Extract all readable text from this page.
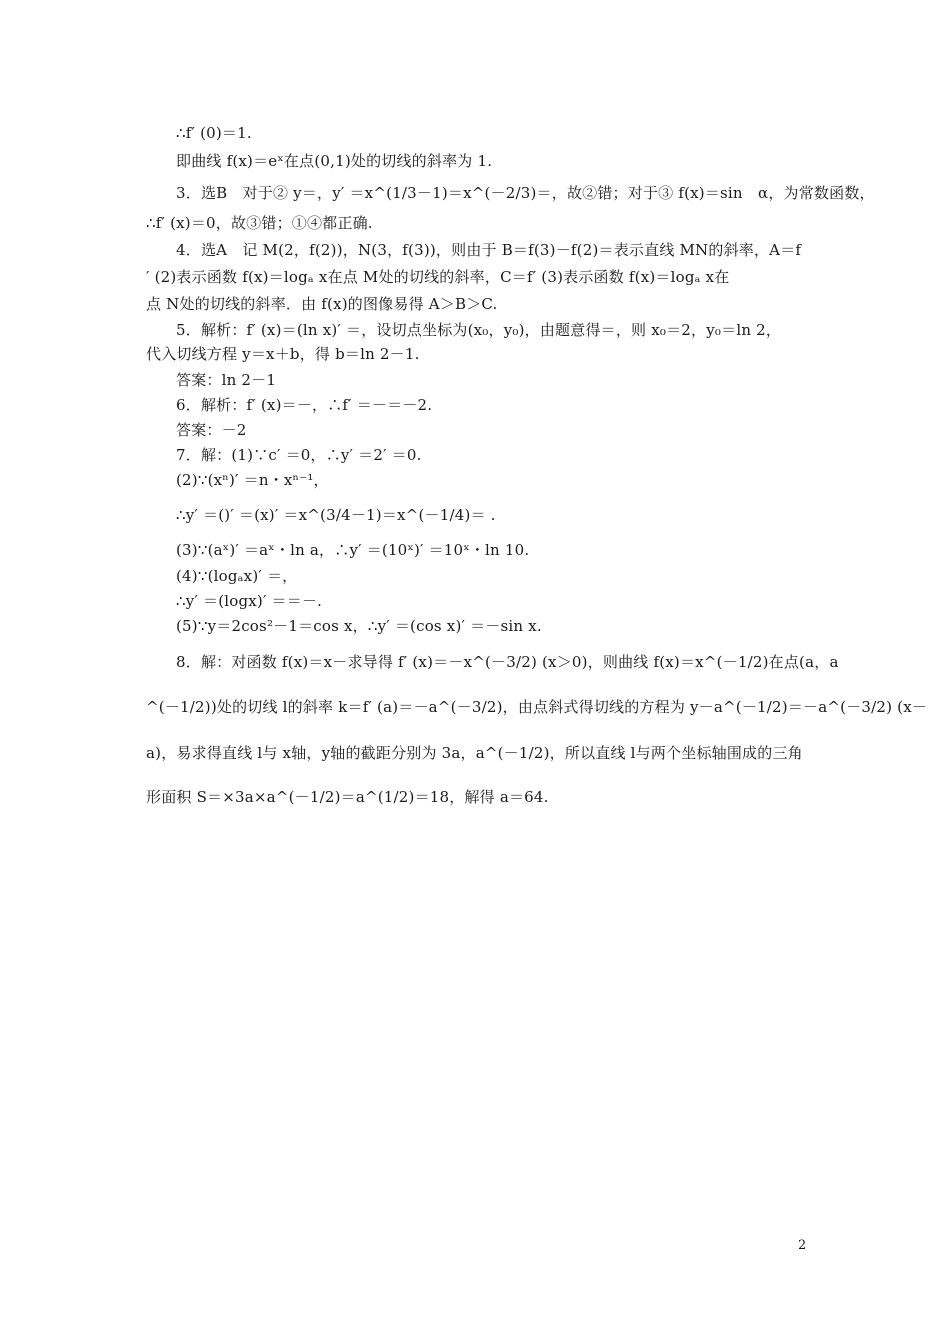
∴f′ (0)＝1.
即曲线 f(x)＝eˣ在点(0,1)处的切线的斜率为 1.
3．选B　对于② y＝，y′ ＝x^(1/3－1)＝x^(－2/3)＝，故②错；对于③ f(x)＝sin　α，为常数函数，
∴f′ (x)＝0，故③错；①④都正确.
4．选A　记 M(2，f(2))，N(3，f(3))，则由于 B＝f(3)－f(2)＝表示直线 MN的斜率，A＝f
′ (2)表示函数 f(x)＝logₐ x在点 M处的切线的斜率，C＝f′ (3)表示函数 f(x)＝logₐ x在
点 N处的切线的斜率．由 f(x)的图像易得 A＞B＞C.
5．解析：f′ (x)＝(ln x)′ ＝，设切点坐标为(x₀，y₀)，由题意得＝，则 x₀＝2，y₀＝ln 2，
代入切线方程 y＝x＋b，得 b＝ln 2－1.
答案：ln 2－1
6．解析：f′ (x)＝－，∴f′ ＝－＝－2.
答案：－2
7．解：(1)∵c′ ＝0，∴y′ ＝2′ ＝0.
(2)∵(xⁿ)′ ＝n・xⁿ⁻¹，
∴y′ ＝()′ ＝(x)′ ＝x^(3/4－1)＝x^(－1/4)＝ .
(3)∵(aˣ)′ ＝aˣ・ln a，∴y′ ＝(10ˣ)′ ＝10ˣ・ln 10.
(4)∵(logₐx)′ ＝，
∴y′ ＝(logx)′ ＝＝－.
(5)∵y＝2cos²－1＝cos x，∴y′ ＝(cos x)′ ＝－sin x.
8．解：对函数 f(x)＝x－求导得 f′ (x)＝－x^(－3/2) (x＞0)，则曲线 f(x)＝x^(－1/2)在点(a，a
^(－1/2))处的切线 l的斜率 k＝f′ (a)＝－a^(－3/2)，由点斜式得切线的方程为 y－a^(－1/2)＝－a^(－3/2) (x－
a)，易求得直线 l与 x轴，y轴的截距分别为 3a，a^(－1/2)，所以直线 l与两个坐标轴围成的三角
形面积 S＝×3a×a^(－1/2)＝a^(1/2)＝18，解得 a＝64.
2
